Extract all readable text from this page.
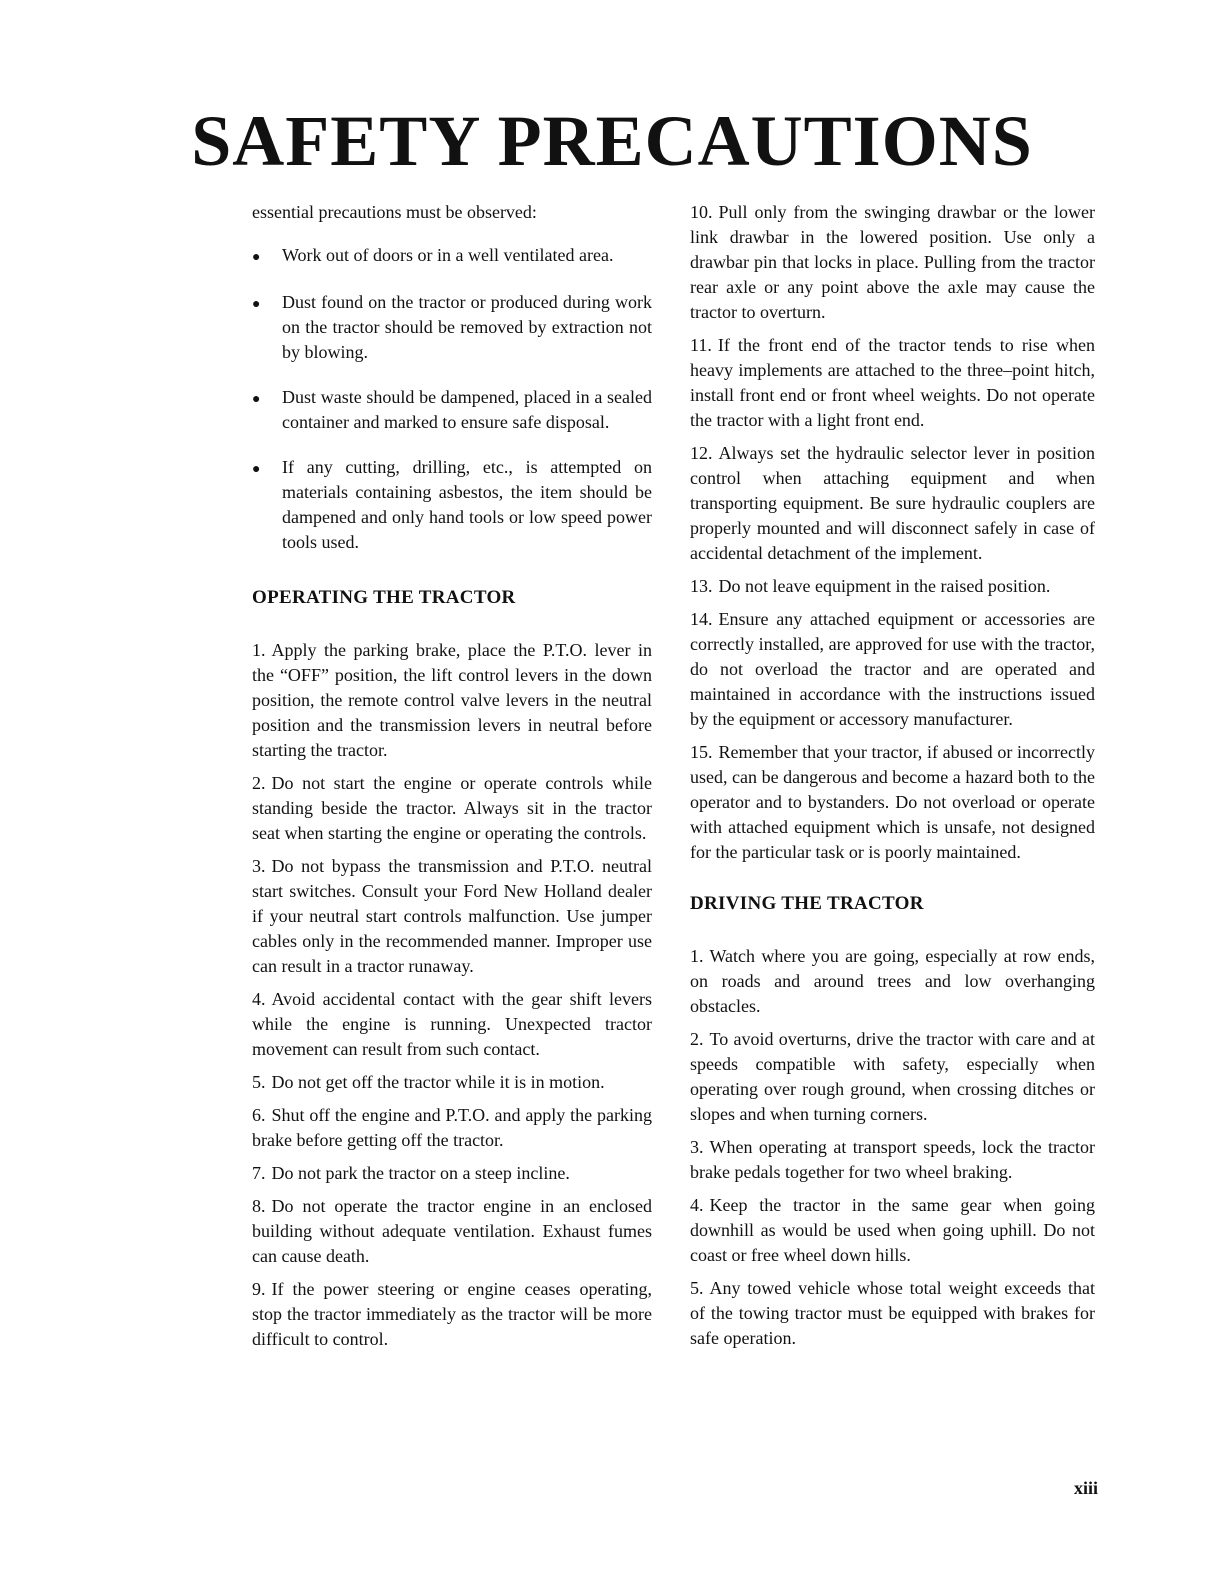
SAFETY PRECAUTIONS

essential precautions must be observed:

●
Work out of doors or in a well ventilated area.
●
Dust found on the tractor or produced during work on the tractor should be removed by extraction not by blowing.
●
Dust waste should be dampened, placed in a sealed container and marked to ensure safe disposal.
●
If any cutting, drilling, etc., is attempted on materials containing asbestos, the item should be dampened and only hand tools or low speed power tools used.
OPERATING THE TRACTOR

1. Apply the parking brake, place the P.T.O. lever in the “OFF” position, the lift control levers in the down position, the remote control valve levers in the neutral position and the transmission levers in neutral before starting the tractor.

2. Do not start the engine or operate controls while standing beside the tractor. Always sit in the tractor seat when starting the engine or operating the controls.

3. Do not bypass the transmission and P.T.O. neutral start switches. Consult your Ford New Holland dealer if your neutral start controls malfunction. Use jumper cables only in the recommended manner. Improper use can result in a tractor runaway.

4. Avoid accidental contact with the gear shift levers while the engine is running. Unexpected tractor movement can result from such contact.

5. Do not get off the tractor while it is in motion.

6. Shut off the engine and P.T.O. and apply the parking brake before getting off the tractor.

7. Do not park the tractor on a steep incline.

8. Do not operate the tractor engine in an enclosed building without adequate ventilation. Exhaust fumes can cause death.

9. If the power steering or engine ceases operating, stop the tractor immediately as the tractor will be more difficult to control.

10. Pull only from the swinging drawbar or the lower link drawbar in the lowered position. Use only a drawbar pin that locks in place. Pulling from the tractor rear axle or any point above the axle may cause the tractor to overturn.

11. If the front end of the tractor tends to rise when heavy implements are attached to the three–point hitch, install front end or front wheel weights. Do not operate the tractor with a light front end.

12. Always set the hydraulic selector lever in position control when attaching equipment and when transporting equipment. Be sure hydraulic couplers are properly mounted and will disconnect safely in case of accidental detachment of the implement.

13. Do not leave equipment in the raised position.

14. Ensure any attached equipment or accessories are correctly installed, are approved for use with the tractor, do not overload the tractor and are operated and maintained in accordance with the instructions issued by the equipment or accessory manufacturer.

15. Remember that your tractor, if abused or incorrectly used, can be dangerous and become a hazard both to the operator and to bystanders. Do not overload or operate with attached equipment which is unsafe, not designed for the particular task or is poorly maintained.

DRIVING THE TRACTOR

1. Watch where you are going, especially at row ends, on roads and around trees and low overhanging obstacles.

2. To avoid overturns, drive the tractor with care and at speeds compatible with safety, especially when operating over rough ground, when crossing ditches or slopes and when turning corners.

3. When operating at transport speeds, lock the tractor brake pedals together for two wheel braking.

4. Keep the tractor in the same gear when going downhill as would be used when going uphill. Do not coast or free wheel down hills.

5. Any towed vehicle whose total weight exceeds that of the towing tractor must be equipped with brakes for safe operation.

xiii
